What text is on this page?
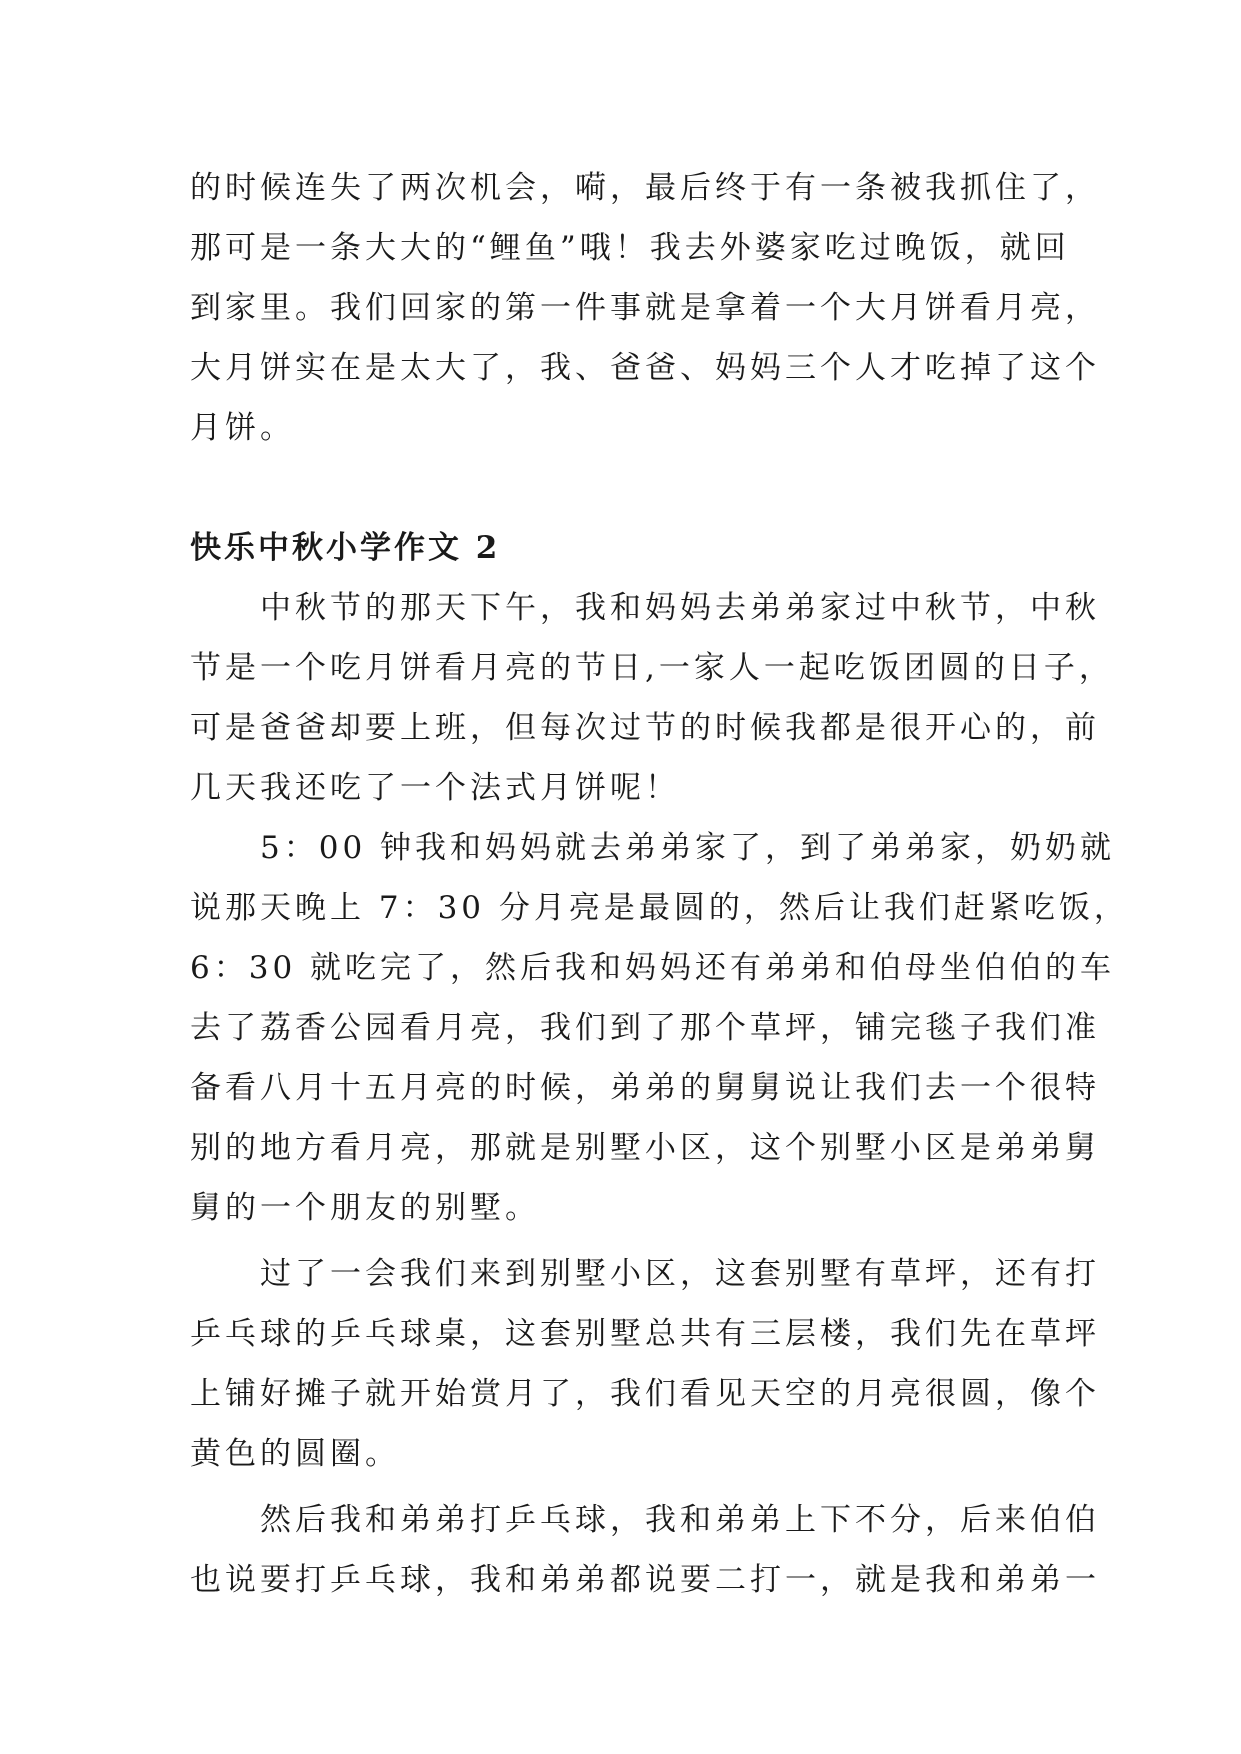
的时候连失了两次机会，嗬，最后终于有一条被我抓住了，
那可是一条大大的“鲤鱼”哦！我去外婆家吃过晚饭，就回
到家里。我们回家的第一件事就是拿着一个大月饼看月亮，
大月饼实在是太大了，我、爸爸、妈妈三个人才吃掉了这个
月饼。

快乐中秋小学作文 2

中秋节的那天下午，我和妈妈去弟弟家过中秋节，中秋
节是一个吃月饼看月亮的节日,一家人一起吃饭团圆的日子，
可是爸爸却要上班，但每次过节的时候我都是很开心的，前
几天我还吃了一个法式月饼呢！

5：00 钟我和妈妈就去弟弟家了，到了弟弟家，奶奶就
说那天晚上 7：30 分月亮是最圆的，然后让我们赶紧吃饭，
6：30 就吃完了，然后我和妈妈还有弟弟和伯母坐伯伯的车
去了荔香公园看月亮，我们到了那个草坪，铺完毯子我们准
备看八月十五月亮的时候，弟弟的舅舅说让我们去一个很特
别的地方看月亮，那就是别墅小区，这个别墅小区是弟弟舅
舅的一个朋友的别墅。

过了一会我们来到别墅小区，这套别墅有草坪，还有打
乒乓球的乒乓球桌，这套别墅总共有三层楼，我们先在草坪
上铺好摊子就开始赏月了，我们看见天空的月亮很圆，像个
黄色的圆圈。

然后我和弟弟打乒乓球，我和弟弟上下不分，后来伯伯
也说要打乒乓球，我和弟弟都说要二打一，就是我和弟弟一
